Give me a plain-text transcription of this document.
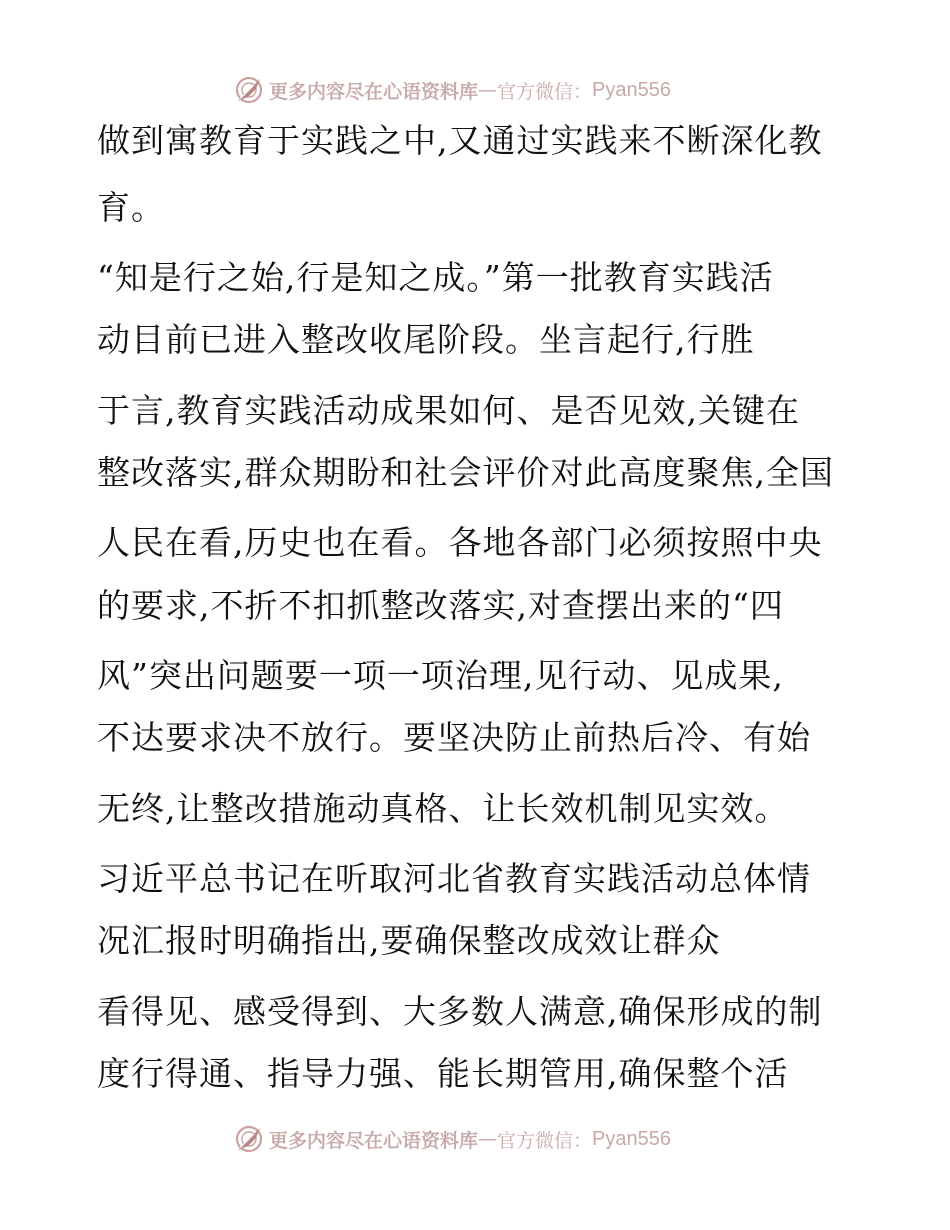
更多内容尽在心语资料库 — 官方微信： Pyan556
做到寓教育于实践之中,又通过实践来不断深化教
育。
“知是行之始,行是知之成。”第一批教育实践活
动目前已进入整改收尾阶段。坐言起行,行胜
于言,教育实践活动成果如何、是否见效,关键在
整改落实,群众期盼和社会评价对此高度聚焦,全国
人民在看,历史也在看。各地各部门必须按照中央
的要求,不折不扣抓整改落实,对查摆出来的“四
风”突出问题要一项一项治理,见行动、见成果,
不达要求决不放行。要坚决防止前热后冷、有始
无终,让整改措施动真格、让长效机制见实效。
习近平总书记在听取河北省教育实践活动总体情
况汇报时明确指出,要确保整改成效让群众
看得见、感受得到、大多数人满意,确保形成的制
度行得通、指导力强、能长期管用,确保整个活
更多内容尽在心语资料库 — 官方微信： Pyan556
